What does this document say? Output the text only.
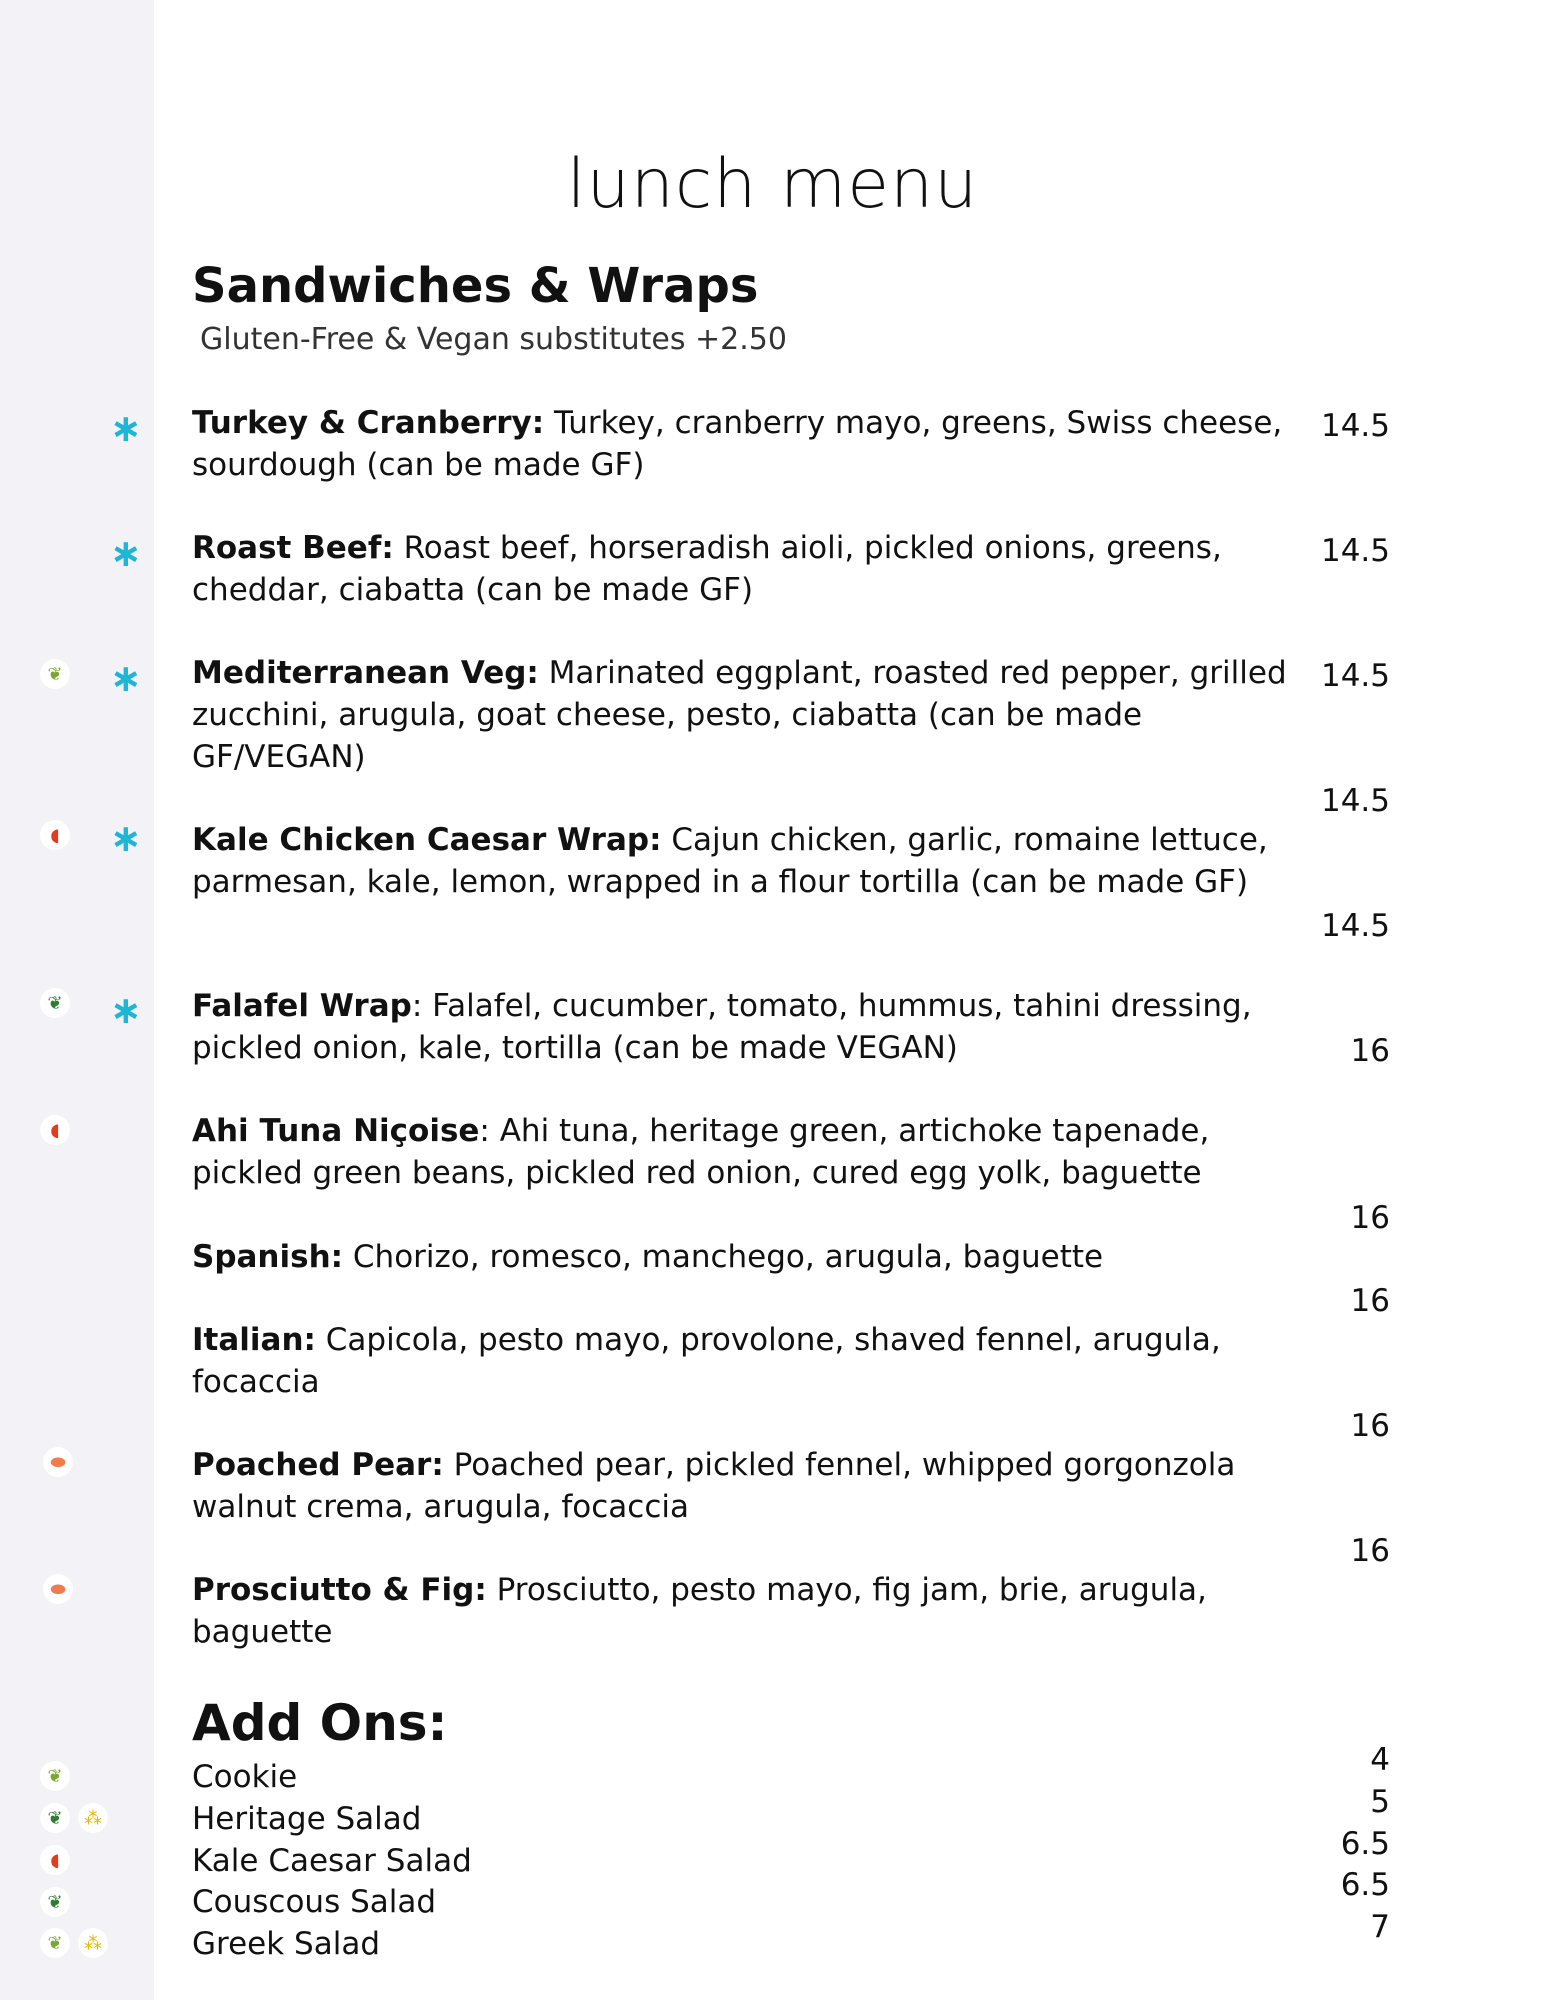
lunch menu
Sandwiches & Wraps
Gluten-Free & Vegan substitutes +2.50
Turkey & Cranberry: Turkey, cranberry mayo, greens, Swiss cheese, sourdough (can be made GF)
Roast Beef: Roast beef, horseradish aioli, pickled onions, greens, cheddar, ciabatta (can be made GF)
Mediterranean Veg: Marinated eggplant, roasted red pepper, grilled zucchini, arugula, goat cheese, pesto, ciabatta (can be made GF/VEGAN)
Kale Chicken Caesar Wrap: Cajun chicken, garlic, romaine lettuce, parmesan, kale, lemon, wrapped in a flour tortilla (can be made GF)
Falafel Wrap: Falafel, cucumber, tomato, hummus, tahini dressing, pickled onion, kale, tortilla (can be made VEGAN)
Ahi Tuna Niçoise: Ahi tuna, heritage green, artichoke tapenade, pickled green beans, pickled red onion, cured egg yolk, baguette
Spanish: Chorizo, romesco, manchego, arugula, baguette
Italian: Capicola, pesto mayo, provolone, shaved fennel, arugula, focaccia
Poached Pear: Poached pear, pickled fennel, whipped gorgonzola walnut crema, arugula, focaccia
Prosciutto & Fig: Prosciutto, pesto mayo, fig jam, brie, arugula, baguette
14.5
14.5
14.5
14.5
14.5
16
16
16
16
16
∗
∗
∗
∗
∗
❦
◖
❦
◖
⬬
⬬
Add Ons:
Cookie
Heritage Salad
Kale Caesar Salad
Couscous Salad
Greek Salad
4
5
6.5
6.5
7
❦
❦	⁂
◖
❦
❦	⁂
